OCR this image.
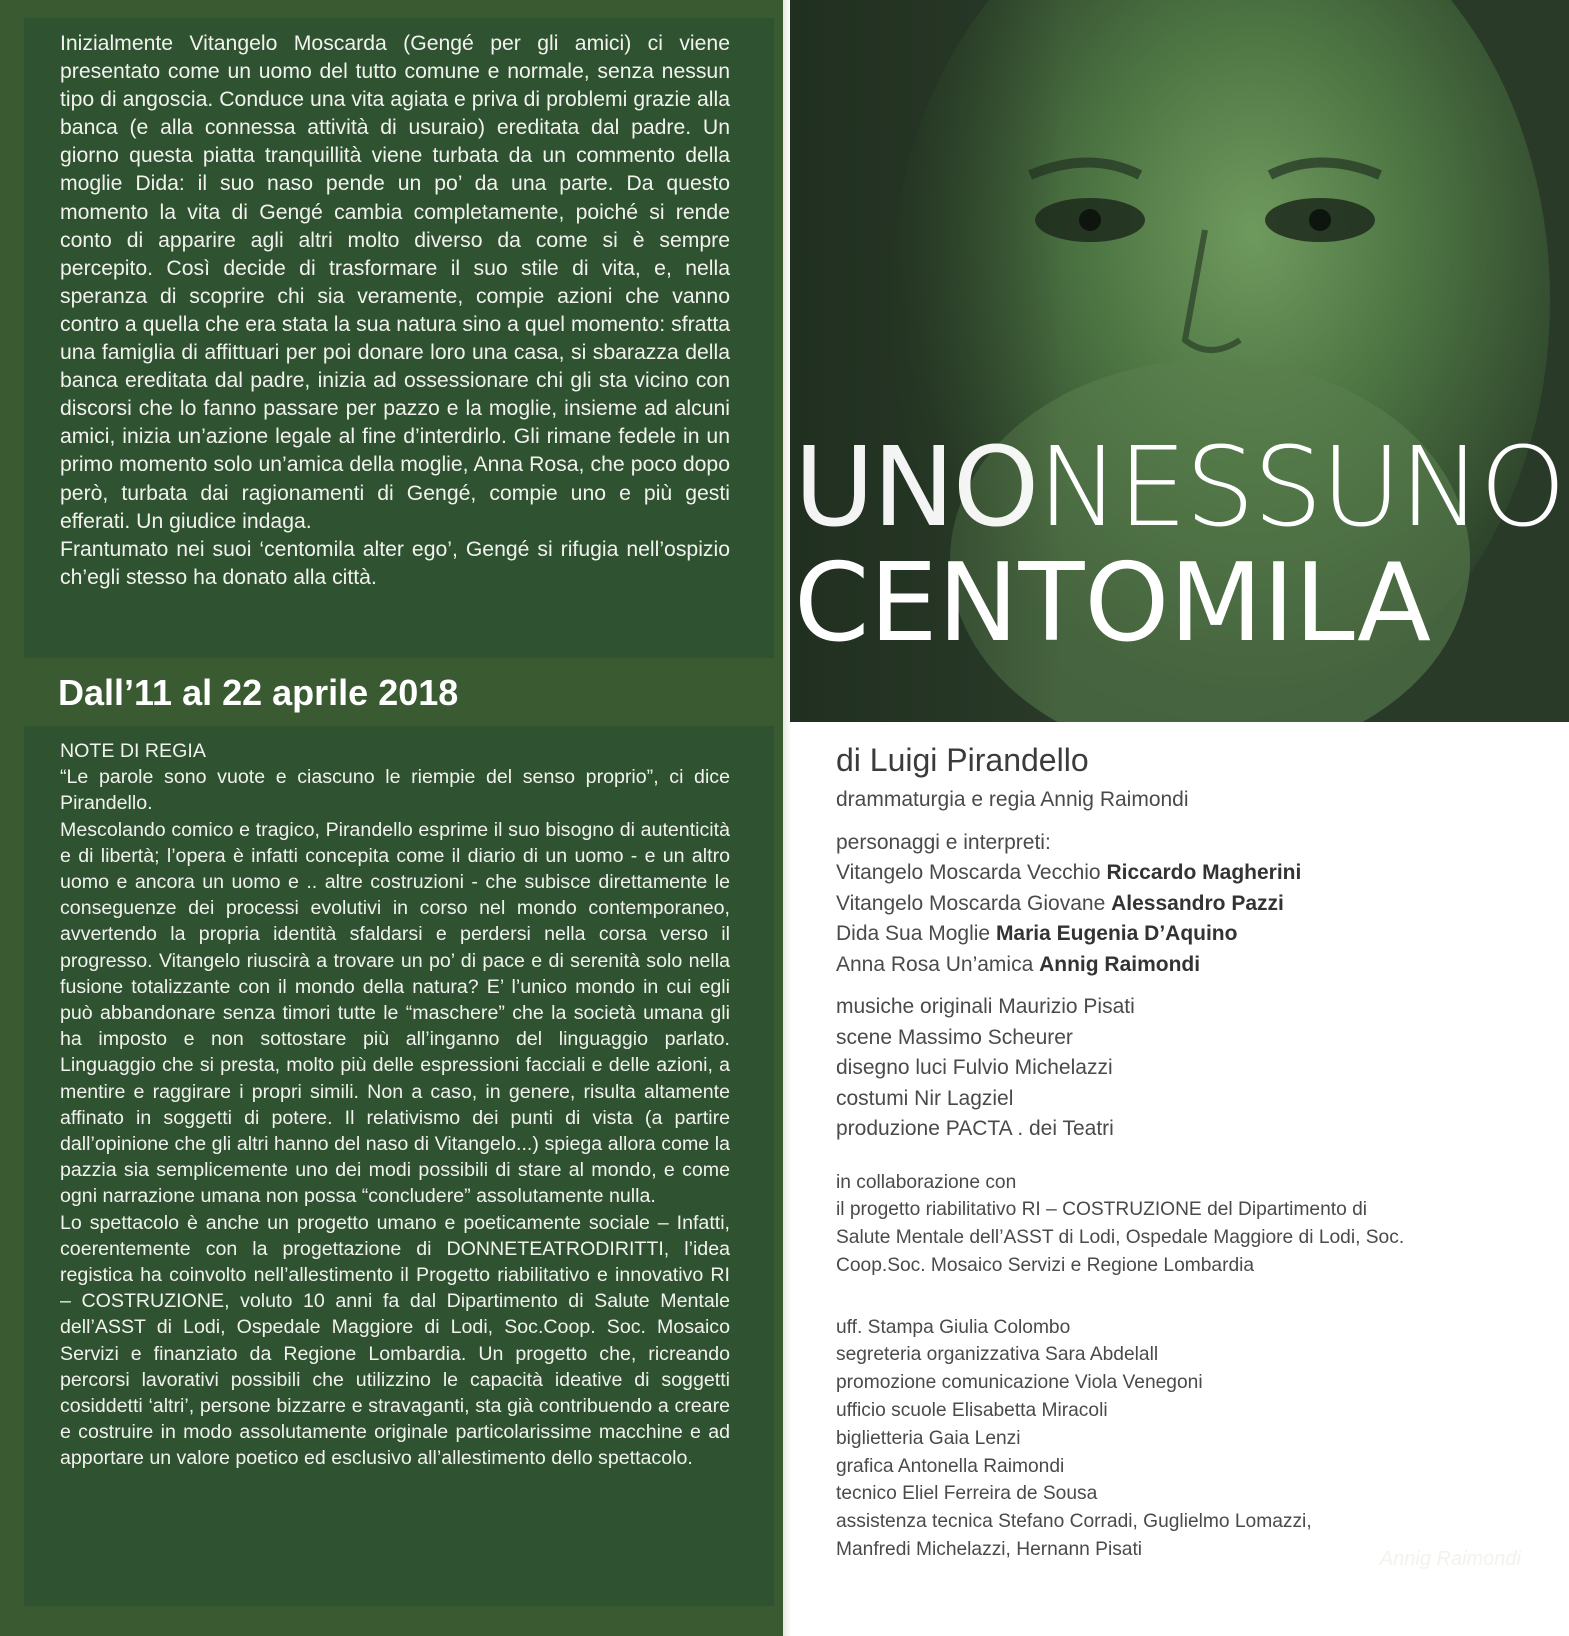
Inizialmente Vitangelo Moscarda (Gengé per gli amici) ci viene presentato come un uomo del tutto comune e normale, senza nessun tipo di angoscia. Conduce una vita agiata e priva di problemi grazie alla banca (e alla connessa attività di usuraio) ereditata dal padre. Un giorno questa piatta tranquillità viene turbata da un commento della moglie Dida: il suo naso pende un po’ da una parte. Da questo momento la vita di Gengé cambia completamente, poiché si rende conto di apparire agli altri molto diverso da come si è sempre percepito. Così decide di trasformare il suo stile di vita, e, nella speranza di scoprire chi sia veramente, compie azioni che vanno contro a quella che era stata la sua natura sino a quel momento: sfratta una famiglia di affittuari per poi donare loro una casa, si sbarazza della banca ereditata dal padre, inizia ad ossessionare chi gli sta vicino con discorsi che lo fanno passare per pazzo e la moglie, insieme ad alcuni amici, inizia un’azione legale al fine d’interdirlo. Gli rimane fedele in un primo momento solo un’amica della moglie, Anna Rosa, che poco dopo però, turbata dai ragionamenti di Gengé, compie uno e più gesti efferati. Un giudice indaga.

Frantumato nei suoi ‘centomila alter ego’, Gengé si rifugia nell’ospizio ch’egli stesso ha donato alla città.

Dall’11 al 22 aprile 2018

NOTE DI REGIA

“Le parole sono vuote e ciascuno le riempie del senso proprio”, ci dice Pirandello.

Mescolando comico e tragico, Pirandello esprime il suo bisogno di autenticità e di libertà; l’opera è infatti concepita come il diario di un uomo - e un altro uomo e ancora un uomo e .. altre costruzioni - che subisce direttamente le conseguenze dei processi evolutivi in corso nel mondo contemporaneo, avvertendo la propria identità sfaldarsi e perdersi nella corsa verso il progresso. Vitangelo riuscirà a trovare un po’ di pace e di serenità solo nella fusione totalizzante con il mondo della natura? E’ l’unico mondo in cui egli può abbandonare senza timori tutte le “maschere” che la società umana gli ha imposto e non sottostare più all’inganno del linguaggio parlato. Linguaggio che si presta, molto più delle espressioni facciali e delle azioni, a mentire e raggirare i propri simili. Non a caso, in genere, risulta altamente affinato in soggetti di potere. Il relativismo dei punti di vista (a partire dall’opinione che gli altri hanno del naso di Vitangelo...) spiega allora come la pazzia sia semplicemente uno dei modi possibili di stare al mondo, e come ogni narrazione umana non possa “concludere” assolutamente nulla.

Lo spettacolo è anche un progetto umano e poeticamente sociale – Infatti, coerentemente con la progettazione di DONNETEATRODIRITTI, l’idea registica ha coinvolto nell’allestimento il Progetto riabilitativo e innovativo RI – COSTRUZIONE, voluto 10 anni fa dal Dipartimento di Salute Mentale dell’ASST di Lodi, Ospedale Maggiore di Lodi, Soc.Coop. Soc. Mosaico Servizi e finanziato da Regione Lombardia. Un progetto che, ricreando percorsi lavorativi possibili che utilizzino le capacità ideative di soggetti cosiddetti ‘altri’, persone bizzarre e stravaganti, sta già contribuendo a creare e costruire in modo assolutamente originale particolarissime macchine e ad apportare un valore poetico ed esclusivo all’allestimento dello spettacolo.

Annig Raimondi
UNONESSUNO
CENTOMILA

di Luigi Pirandello

drammaturgia e regia Annig Raimondi

personaggi e interpreti:

Vitangelo Moscarda Vecchio Riccardo Magherini

Vitangelo Moscarda Giovane Alessandro Pazzi

Dida Sua Moglie Maria Eugenia D’Aquino

Anna Rosa Un’amica Annig Raimondi

musiche originali Maurizio Pisati

scene Massimo Scheurer

disegno luci Fulvio Michelazzi

costumi Nir Lagziel

produzione PACTA . dei Teatri

in collaborazione con

il progetto riabilitativo RI – COSTRUZIONE del Dipartimento di

Salute Mentale dell’ASST di Lodi, Ospedale Maggiore di Lodi, Soc.

Coop.Soc. Mosaico Servizi e Regione Lombardia

uff. Stampa Giulia Colombo

segreteria organizzativa Sara Abdelall

promozione comunicazione Viola Venegoni

ufficio scuole Elisabetta Miracoli

biglietteria Gaia Lenzi

grafica Antonella Raimondi

tecnico Eliel Ferreira de Sousa

assistenza tecnica Stefano Corradi, Guglielmo Lomazzi,

Manfredi Michelazzi, Hernann Pisati
